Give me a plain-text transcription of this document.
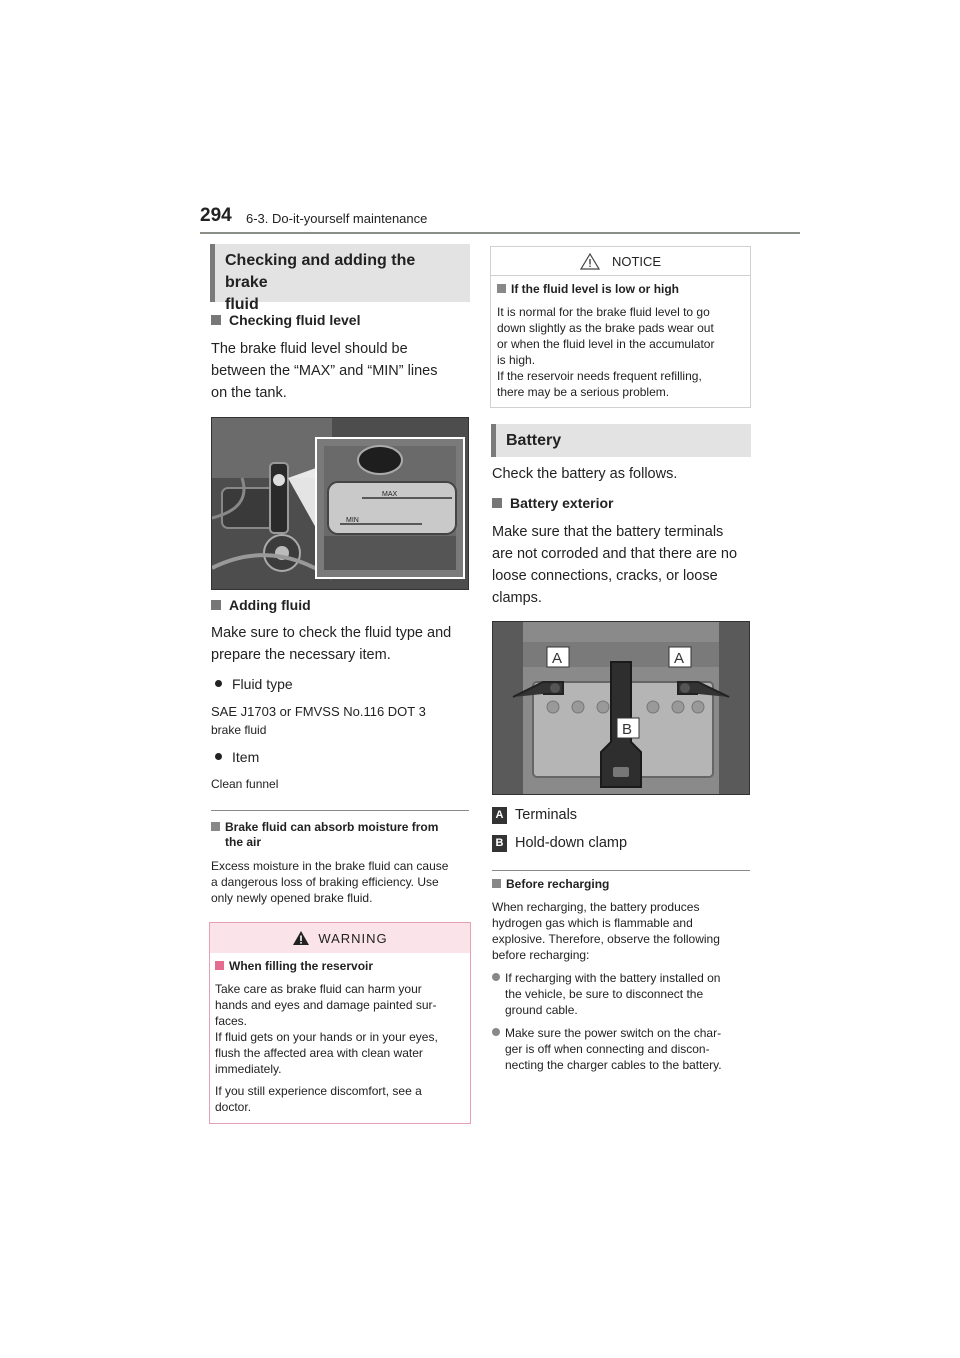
294 6-3. Do-it-yourself maintenance
Checking and adding the brake
fluid
Checking fluid level
The brake fluid level should be
between the “MAX” and “MIN” lines
on the tank.
MAX
MIN
Adding fluid
Make sure to check the fluid type and
prepare the necessary item.
Fluid type
SAE J1703 or FMVSS No.116 DOT 3
brake fluid
Item
Clean funnel
Brake fluid can absorb moisture from
the air
Excess moisture in the brake fluid can cause
a dangerous loss of braking efficiency. Use
only newly opened brake fluid.
WARNING
When filling the reservoir
Take care as brake fluid can harm your
hands and eyes and damage painted sur-
faces.
If fluid gets on your hands or in your eyes,
flush the affected area with clean water
immediately.
If you still experience discomfort, see a
doctor.
NOTICE
If the fluid level is low or high
It is normal for the brake fluid level to go
down slightly as the brake pads wear out
or when the fluid level in the accumulator
is high.
If the reservoir needs frequent refilling,
there may be a serious problem.
Battery
Check the battery as follows.
Battery exterior
Make sure that the battery terminals
are not corroded and that there are no
loose connections, cracks, or loose
clamps.
A	A
B
A Terminals
B Hold-down clamp
Before recharging
When recharging, the battery produces
hydrogen gas which is flammable and
explosive. Therefore, observe the following
before recharging:
If recharging with the battery installed on
the vehicle, be sure to disconnect the
ground cable.
Make sure the power switch on the char-
ger is off when connecting and discon-
necting the charger cables to the battery.
